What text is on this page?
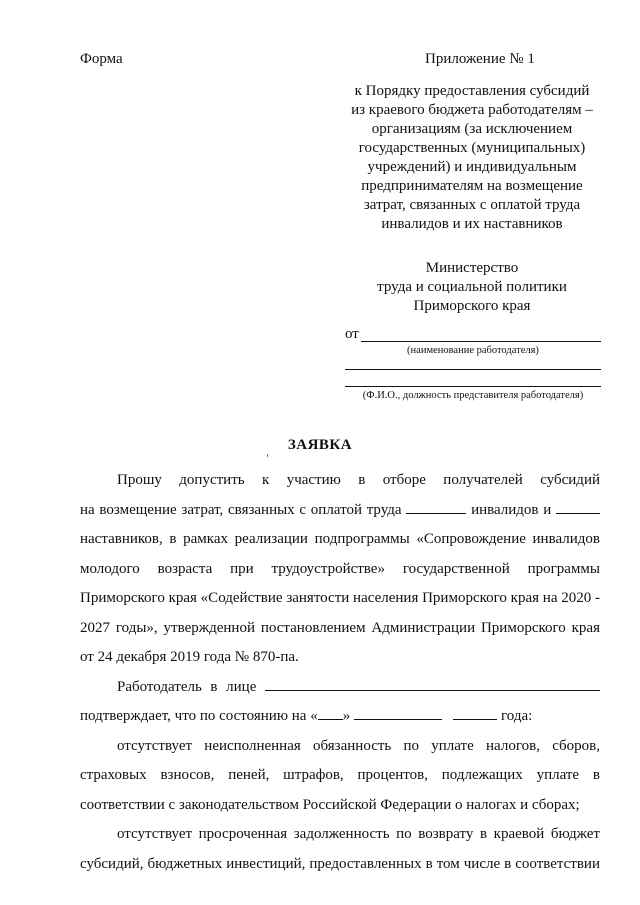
Форма	Приложение № 1
к Порядку предоставления субсидий
из краевого бюджета работодателям –
организациям (за исключением
государственных (муниципальных)
учреждений) и индивидуальным
предпринимателям на возмещение
затрат, связанных с оплатой труда
инвалидов и их наставников
Министерство
труда и социальной политики
Приморского края
от
(наименование работодателя)
(Ф.И.О., должность представителя работодателя)
ЗАЯВКА

Прошу допустить к участию в отборе получателей субсидий

на возмещение затрат, связанных с оплатой труда	инвалидов и

наставников, в рамках реализации подпрограммы «Сопровождение инвалидов молодого возраста при трудоустройстве» государственной программы Приморского края «Содействие занятости населения Приморского края на 2020 - 2027 годы», утвержденной постановлением Администрации Приморского края от 24 декабря 2019 года № 870-па.

Работодатель в лице

подтверждает, что по состоянию на « »	года:

отсутствует неисполненная обязанность по уплате налогов, сборов, страховых взносов, пеней, штрафов, процентов, подлежащих уплате в соответствии с законодательством Российской Федерации о налогах и сборах;

отсутствует просроченная задолженность по возврату в краевой бюджет

субсидий, бюджетных инвестиций, предоставленных в том числе в соответствии
